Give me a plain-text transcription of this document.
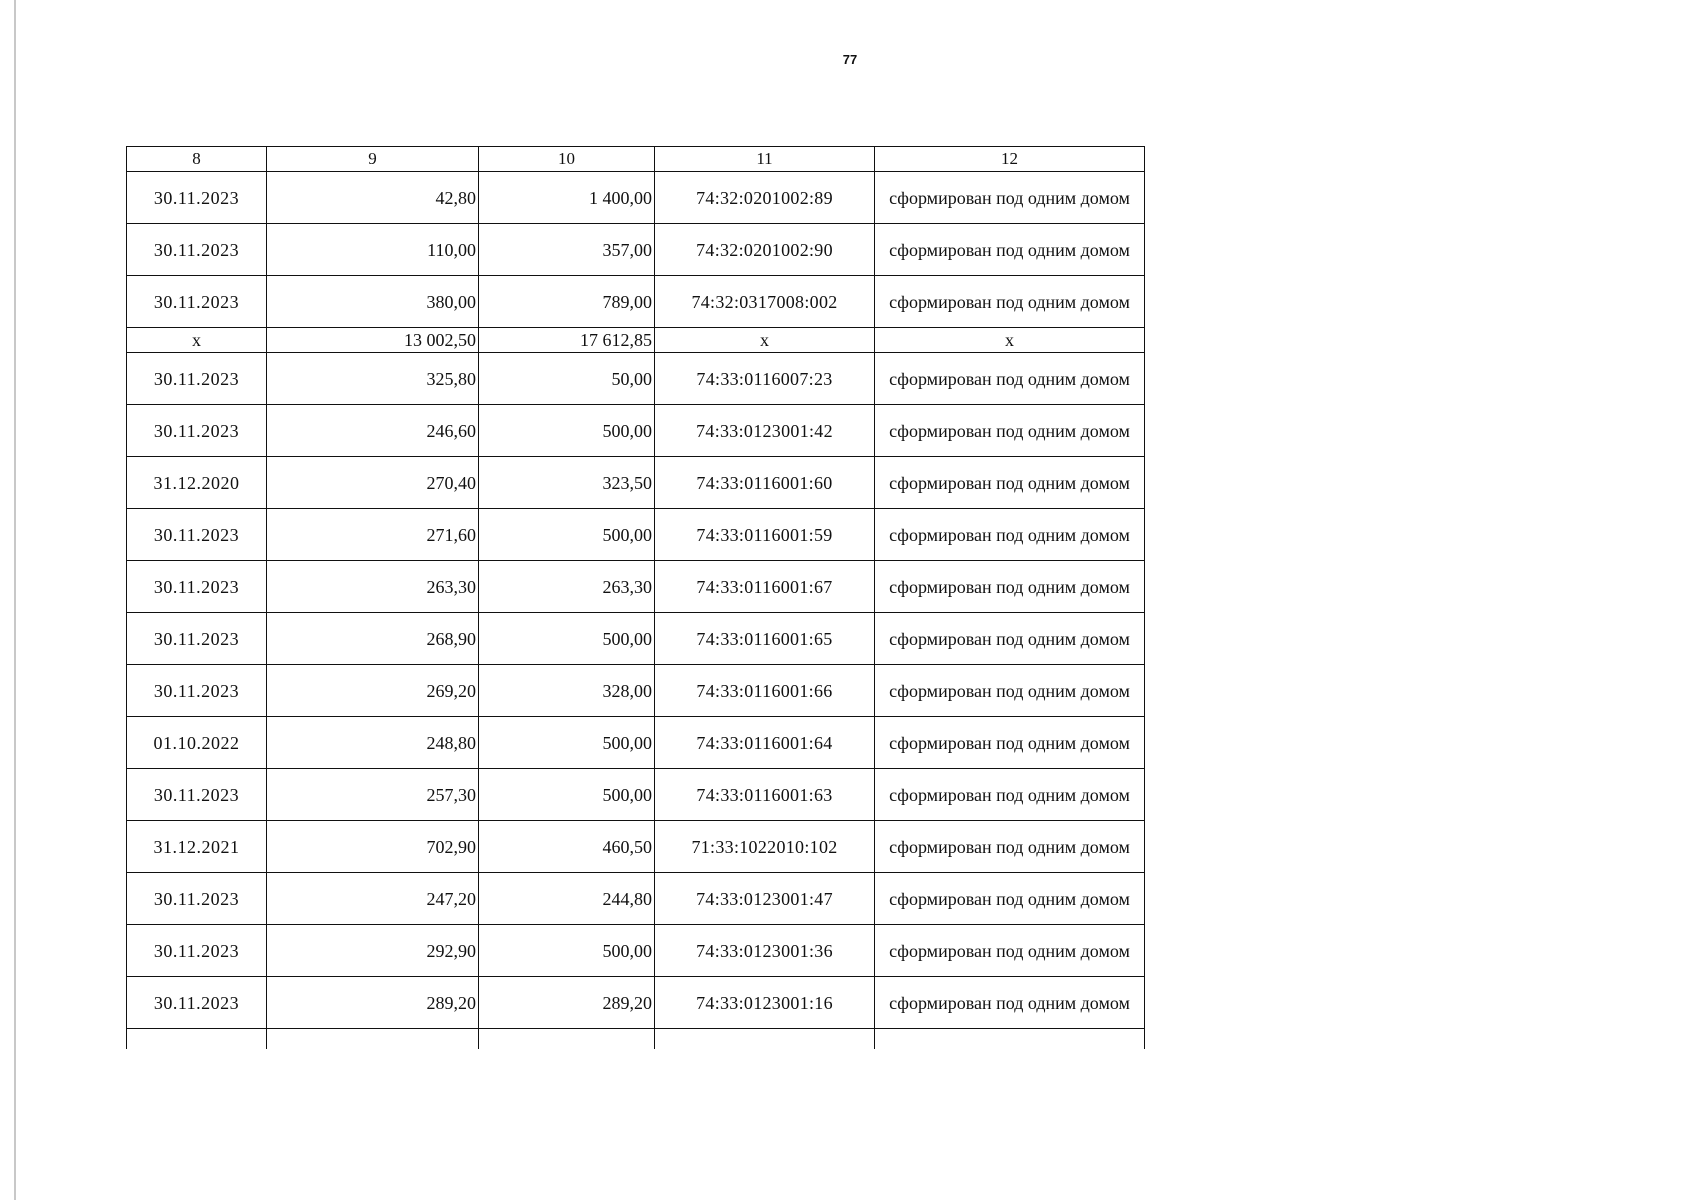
77
8	9	10	11	12
30.11.2023	42,80	1 400,00	74:32:0201002:89	сформирован под одним домом
30.11.2023	110,00	357,00	74:32:0201002:90	сформирован под одним домом
30.11.2023	380,00	789,00	74:32:0317008:002	сформирован под одним домом
x	13 002,50	17 612,85	x	x
30.11.2023	325,80	50,00	74:33:0116007:23	сформирован под одним домом
30.11.2023	246,60	500,00	74:33:0123001:42	сформирован под одним домом
31.12.2020	270,40	323,50	74:33:0116001:60	сформирован под одним домом
30.11.2023	271,60	500,00	74:33:0116001:59	сформирован под одним домом
30.11.2023	263,30	263,30	74:33:0116001:67	сформирован под одним домом
30.11.2023	268,90	500,00	74:33:0116001:65	сформирован под одним домом
30.11.2023	269,20	328,00	74:33:0116001:66	сформирован под одним домом
01.10.2022	248,80	500,00	74:33:0116001:64	сформирован под одним домом
30.11.2023	257,30	500,00	74:33:0116001:63	сформирован под одним домом
31.12.2021	702,90	460,50	71:33:1022010:102	сформирован под одним домом
30.11.2023	247,20	244,80	74:33:0123001:47	сформирован под одним домом
30.11.2023	292,90	500,00	74:33:0123001:36	сформирован под одним домом
30.11.2023	289,20	289,20	74:33:0123001:16	сформирован под одним домом
